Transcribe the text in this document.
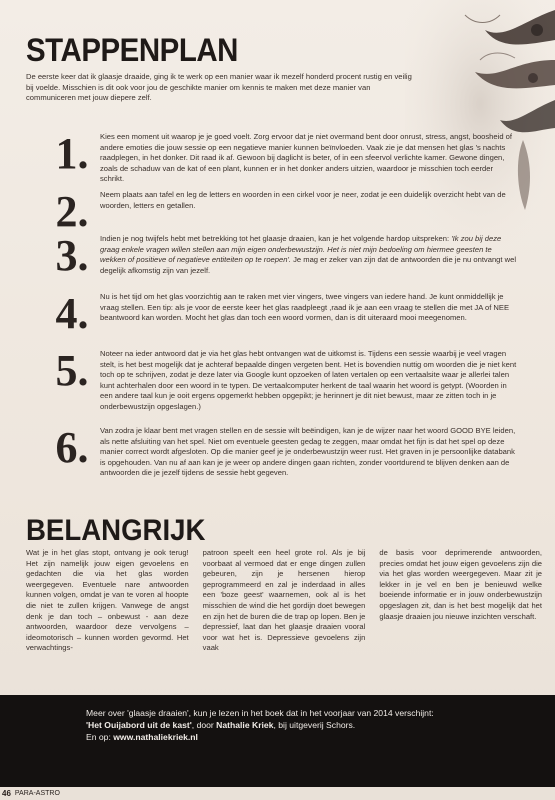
STAPPENPLAN

De eerste keer dat ik glaasje draaide, ging ik te werk op een manier waar ik mezelf honderd procent rustig en veilig bij voelde. Misschien is dit ook voor jou de geschikte manier om kennis te maken met deze manier van communiceren met jouw diepere zelf.

1.	Kies een moment uit waarop je je goed voelt. Zorg ervoor dat je niet overmand bent door onrust, stress, angst, boosheid of andere emoties die jouw sessie op een negatieve manier kunnen beïnvloeden. Vaak zie je dat mensen het glas 's nachts raadplegen, in het donker. Dit raad ik af. Gewoon bij daglicht is beter, of in een sfeervol verlichte kamer. Gewone dingen, zoals de schaduw van de kat of een plant, kunnen er in het donker anders uitzien, waardoor je misschien toch eerder schrikt.

2.	Neem plaats aan tafel en leg de letters en woorden in een cirkel voor je neer, zodat je een duidelijk overzicht hebt van de woorden, letters en getallen.

3.	Indien je nog twijfels hebt met betrekking tot het glaasje draaien, kan je het volgende hardop uitspreken: 'Ik zou bij deze graag enkele vragen willen stellen aan mijn eigen onderbewustzijn. Het is niet mijn bedoeling om hiermee geesten te wekken of positieve of negatieve entiteiten op te roepen'. Je mag er zeker van zijn dat de antwoorden die je nu ontvangt wel degelijk afkomstig zijn van jezelf.

4.	Nu is het tijd om het glas voorzichtig aan te raken met vier vingers, twee vingers van iedere hand. Je kunt onmiddellijk je vraag stellen. Een tip: als je voor de eerste keer het glas raadpleegt ,raad ik je aan een vraag te stellen die met JA of NEE beantwoord kan worden. Mocht het glas dan toch een woord vormen, dan is dit uiteraard mooi meegenomen.

5.	Noteer na ieder antwoord dat je via het glas hebt ontvangen wat de uitkomst is. Tijdens een sessie waarbij je veel vragen stelt, is het best mogelijk dat je achteraf bepaalde dingen vergeten bent. Het is bovendien nuttig om woorden die je niet kent toch op te schrijven, zodat je deze later via Google kunt opzoeken of laten vertalen op een vertaalsite waar je allerlei talen kunt achterhalen door een woord in te typen. De vertaalcomputer herkent de taal waarin het woord is getypt. (Woorden in een andere taal kun je ooit ergens opgemerkt hebben opgepikt; je herinnert je dit niet bewust, maar ze zitten toch in je onderbewustzijn opgeslagen.)

6.	Van zodra je klaar bent met vragen stellen en de sessie wilt beëindigen, kan je de wijzer naar het woord GOOD BYE leiden, als nette afsluiting van het spel. Niet om eventuele geesten gedag te zeggen, maar omdat het fijn is dat het spel op deze manier correct wordt afgesloten. Op die manier geef je je onderbewustzijn weer rust. Het graven in je persoonlijke databank is opgehouden. Van nu af aan kan je je weer op andere dingen gaan richten, zonder voortdurend te blijven denken aan de antwoorden die je jezelf tijdens de sessie hebt gegeven.

BELANGRIJK

Wat je in het glas stopt, ontvang je ook terug! Het zijn namelijk jouw eigen gevoelens en gedachten die via het glas worden weergegeven. Eventuele nare antwoorden kunnen volgen, omdat je van te voren al hoopte die niet te zullen krijgen. Vanwege de angst denk je dan toch – onbewust - aan deze antwoorden, waardoor deze vervolgens – ideomotorisch – kunnen worden gevormd. Het verwachtings-

patroon speelt een heel grote rol. Als je bij voorbaat al vermoed dat er enge dingen zullen gebeuren, zijn je hersenen hierop geprogrammeerd en zal je inderdaad in alles een 'boze geest' waarnemen, ook al is het misschien de wind die het gordijn doet bewegen en zijn het de buren die de trap op lopen. Ben je depressief, laat dan het glaasje draaien vooral voor wat het is. Depressieve gevoelens zijn vaak

de basis voor deprimerende antwoorden, precies omdat het jouw eigen gevoelens zijn die via het glas worden weergegeven. Maar zit je lekker in je vel en ben je benieuwd welke boeiende informatie er in jouw onderbewustzijn opgeslagen zit, dan is het best mogelijk dat het glaasje draaien jou nieuwe inzichten verschaft.

Meer over 'glaasje draaien', kun je lezen in het boek dat in het voorjaar van 2014 verschijnt:
'Het Ouijabord uit de kast', door Nathalie Kriek, bij uitgeverij Schors.
En op: www.nathaliekriek.nl
46 PARA-ASTRO
